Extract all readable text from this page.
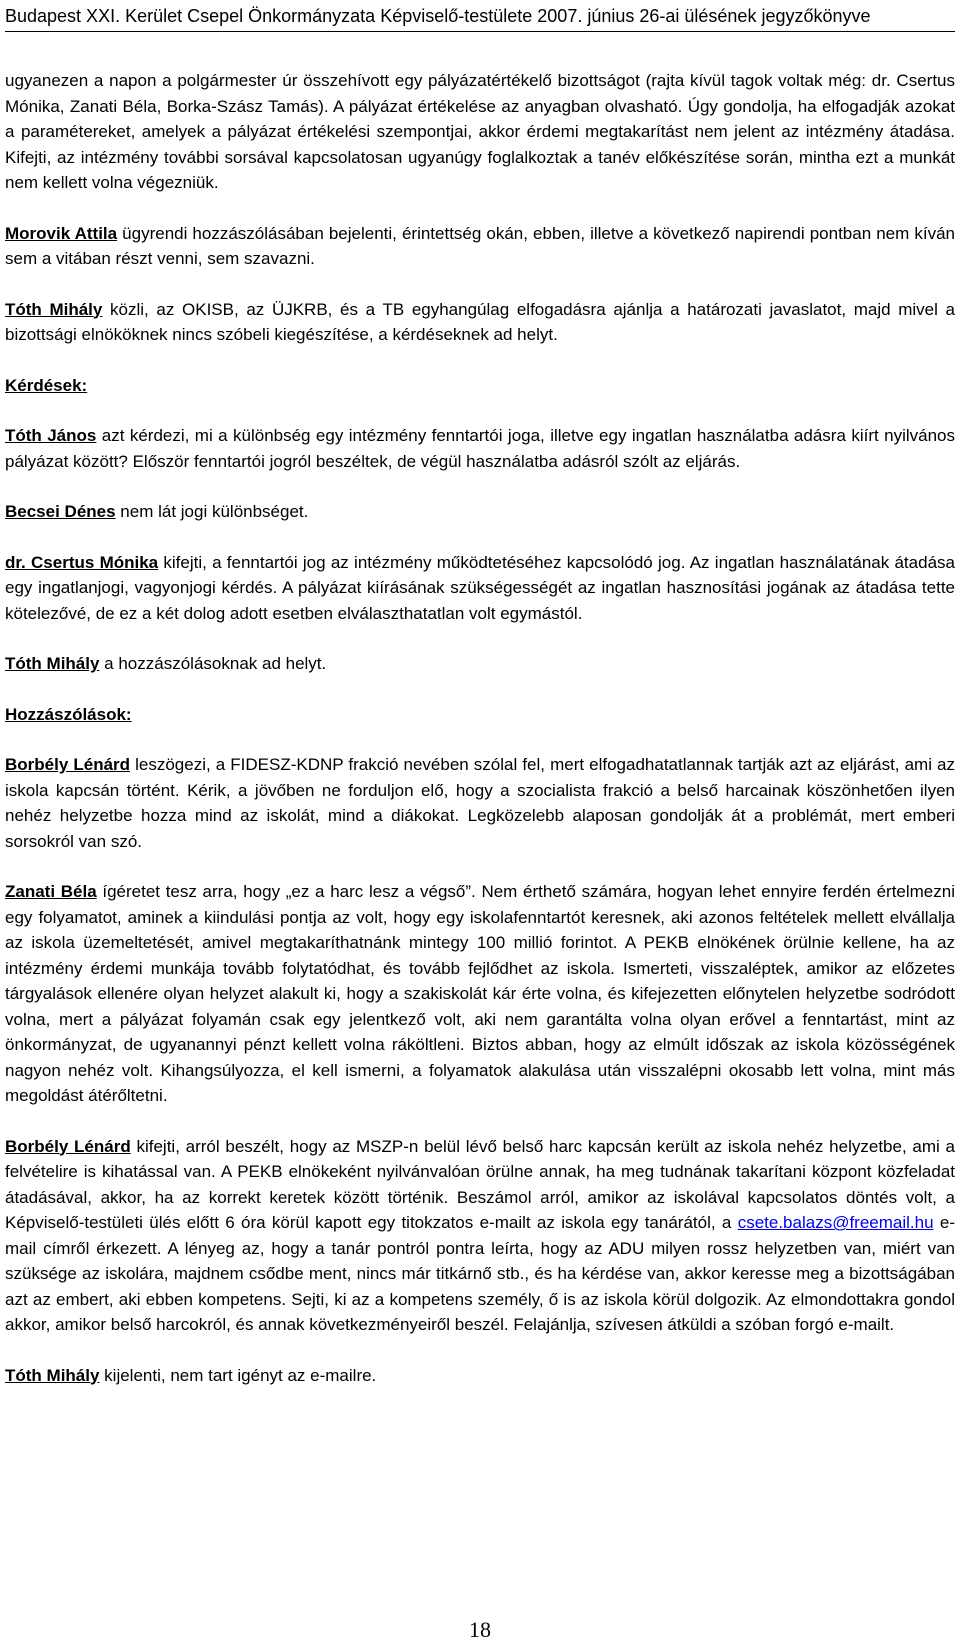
Budapest XXI. Kerület Csepel Önkormányzata Képviselő-testülete 2007. június 26-ai ülésének jegyzőkönyve

ugyanezen a napon a polgármester úr összehívott egy pályázatértékelő bizottságot (rajta kívül tagok voltak még: dr. Csertus Mónika, Zanati Béla, Borka-Szász Tamás). A pályázat értékelése az anyagban olvasható. Úgy gondolja, ha elfogadják azokat a paramétereket, amelyek a pályázat értékelési szempontjai, akkor érdemi megtakarítást nem jelent az intézmény átadása. Kifejti, az intézmény további sorsával kapcsolatosan ugyanúgy foglalkoztak a tanév előkészítése során, mintha ezt a munkát nem kellett volna végezniük.

Morovik Attila ügyrendi hozzászólásában bejelenti, érintettség okán, ebben, illetve a következő napirendi pontban nem kíván sem a vitában részt venni, sem szavazni.

Tóth Mihály közli, az OKISB, az ÜJKRB, és a TB egyhangúlag elfogadásra ajánlja a határozati javaslatot, majd mivel a bizottsági elnököknek nincs szóbeli kiegészítése, a kérdéseknek ad helyt.

Kérdések:

Tóth János azt kérdezi, mi a különbség egy intézmény fenntartói joga, illetve egy ingatlan használatba adásra kiírt nyilvános pályázat között? Először fenntartói jogról beszéltek, de végül használatba adásról szólt az eljárás.

Becsei Dénes nem lát jogi különbséget.

dr. Csertus Mónika kifejti, a fenntartói jog az intézmény működtetéséhez kapcsolódó jog. Az ingatlan használatának átadása egy ingatlanjogi, vagyonjogi kérdés. A pályázat kiírásának szükségességét az ingatlan hasznosítási jogának az átadása tette kötelezővé, de ez a két dolog adott esetben elválaszthatatlan volt egymástól.

Tóth Mihály a hozzászólásoknak ad helyt.

Hozzászólások:

Borbély Lénárd leszögezi, a FIDESZ-KDNP frakció nevében szólal fel, mert elfogadhatatlannak tartják azt az eljárást, ami az iskola kapcsán történt. Kérik, a jövőben ne forduljon elő, hogy a szocialista frakció a belső harcainak köszönhetően ilyen nehéz helyzetbe hozza mind az iskolát, mind a diákokat. Legközelebb alaposan gondolják át a problémát, mert emberi sorsokról van szó.

Zanati Béla ígéretet tesz arra, hogy „ez a harc lesz a végső”. Nem érthető számára, hogyan lehet ennyire ferdén értelmezni egy folyamatot, aminek a kiindulási pontja az volt, hogy egy iskolafenntartót keresnek, aki azonos feltételek mellett elvállalja az iskola üzemeltetését, amivel megtakaríthatnánk mintegy 100 millió forintot. A PEKB elnökének örülnie kellene, ha az intézmény érdemi munkája tovább folytatódhat, és tovább fejlődhet az iskola. Ismerteti, visszaléptek, amikor az előzetes tárgyalások ellenére olyan helyzet alakult ki, hogy a szakiskolát kár érte volna, és kifejezetten előnytelen helyzetbe sodródott volna, mert a pályázat folyamán csak egy jelentkező volt, aki nem garantálta volna olyan erővel a fenntartást, mint az önkormányzat, de ugyanannyi pénzt kellett volna ráköltleni. Biztos abban, hogy az elmúlt időszak az iskola közösségének nagyon nehéz volt. Kihangsúlyozza, el kell ismerni, a folyamatok alakulása után visszalépni okosabb lett volna, mint más megoldást átérőltetni.

Borbély Lénárd kifejti, arról beszélt, hogy az MSZP-n belül lévő belső harc kapcsán került az iskola nehéz helyzetbe, ami a felvételire is kihatással van. A PEKB elnökeként nyilvánvalóan örülne annak, ha meg tudnának takarítani központ közfeladat átadásával, akkor, ha az korrekt keretek között történik. Beszámol arról, amikor az iskolával kapcsolatos döntés volt, a Képviselő-testületi ülés előtt 6 óra körül kapott egy titokzatos e-mailt az iskola egy tanárától, a csete.balazs@freemail.hu e-mail címről érkezett. A lényeg az, hogy a tanár pontról pontra leírta, hogy az ADU milyen rossz helyzetben van, miért van szüksége az iskolára, majdnem csődbe ment, nincs már titkárnő stb., és ha kérdése van, akkor keresse meg a bizottságában azt az embert, aki ebben kompetens. Sejti, ki az a kompetens személy, ő is az iskola körül dolgozik. Az elmondottakra gondol akkor, amikor belső harcokról, és annak következményeiről beszél. Felajánlja, szívesen átküldi a szóban forgó e-mailt.

Tóth Mihály kijelenti, nem tart igényt az e-mailre.

18
